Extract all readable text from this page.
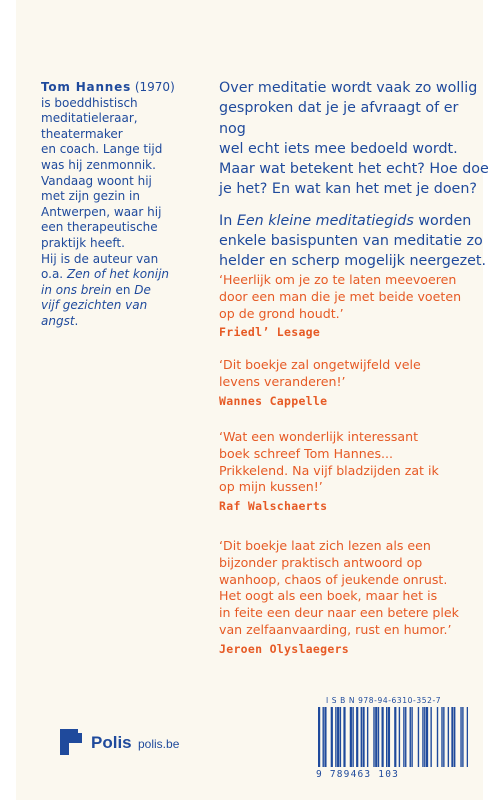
Tom Hannes (1970)
is boeddhistisch
meditatieleraar,
theatermaker
en coach. Lange tijd
was hij zenmonnik.
Vandaag woont hij
met zijn gezin in
Antwerpen, waar hij
een therapeutische
praktijk heeft.
Hij is de auteur van
o.a. Zen of het konijn
in ons brein en De
vijf gezichten van
angst.

Over meditatie wordt vaak zo wollig
gesproken dat je je afvraagt of er nog
wel echt iets mee bedoeld wordt.
Maar wat betekent het echt? Hoe doe
je het? En wat kan het met je doen?

In Een kleine meditatiegids worden
enkele basispunten van meditatie zo
helder en scherp mogelijk neergezet.

‘Heerlijk om je zo te laten meevoeren
door een man die je met beide voeten
op de grond houdt.’
Friedl’ Lesage
‘Dit boekje zal ongetwijfeld vele
levens veranderen!’
Wannes Cappelle
‘Wat een wonderlijk interessant
boek schreef Tom Hannes...
Prikkelend. Na vijf bladzijden zat ik
op mijn kussen!’
Raf Walschaerts
‘Dit boekje laat zich lezen als een
bijzonder praktisch antwoord op
wanhoop, chaos of jeukende onrust.
Het oogt als een boek, maar het is
in feite een deur naar een betere plek
van zelfaanvaarding, rust en humor.’
Jeroen Olyslaegers
I S B N 978-94-6310-352-7
9 789463 103
Polis polis.be
